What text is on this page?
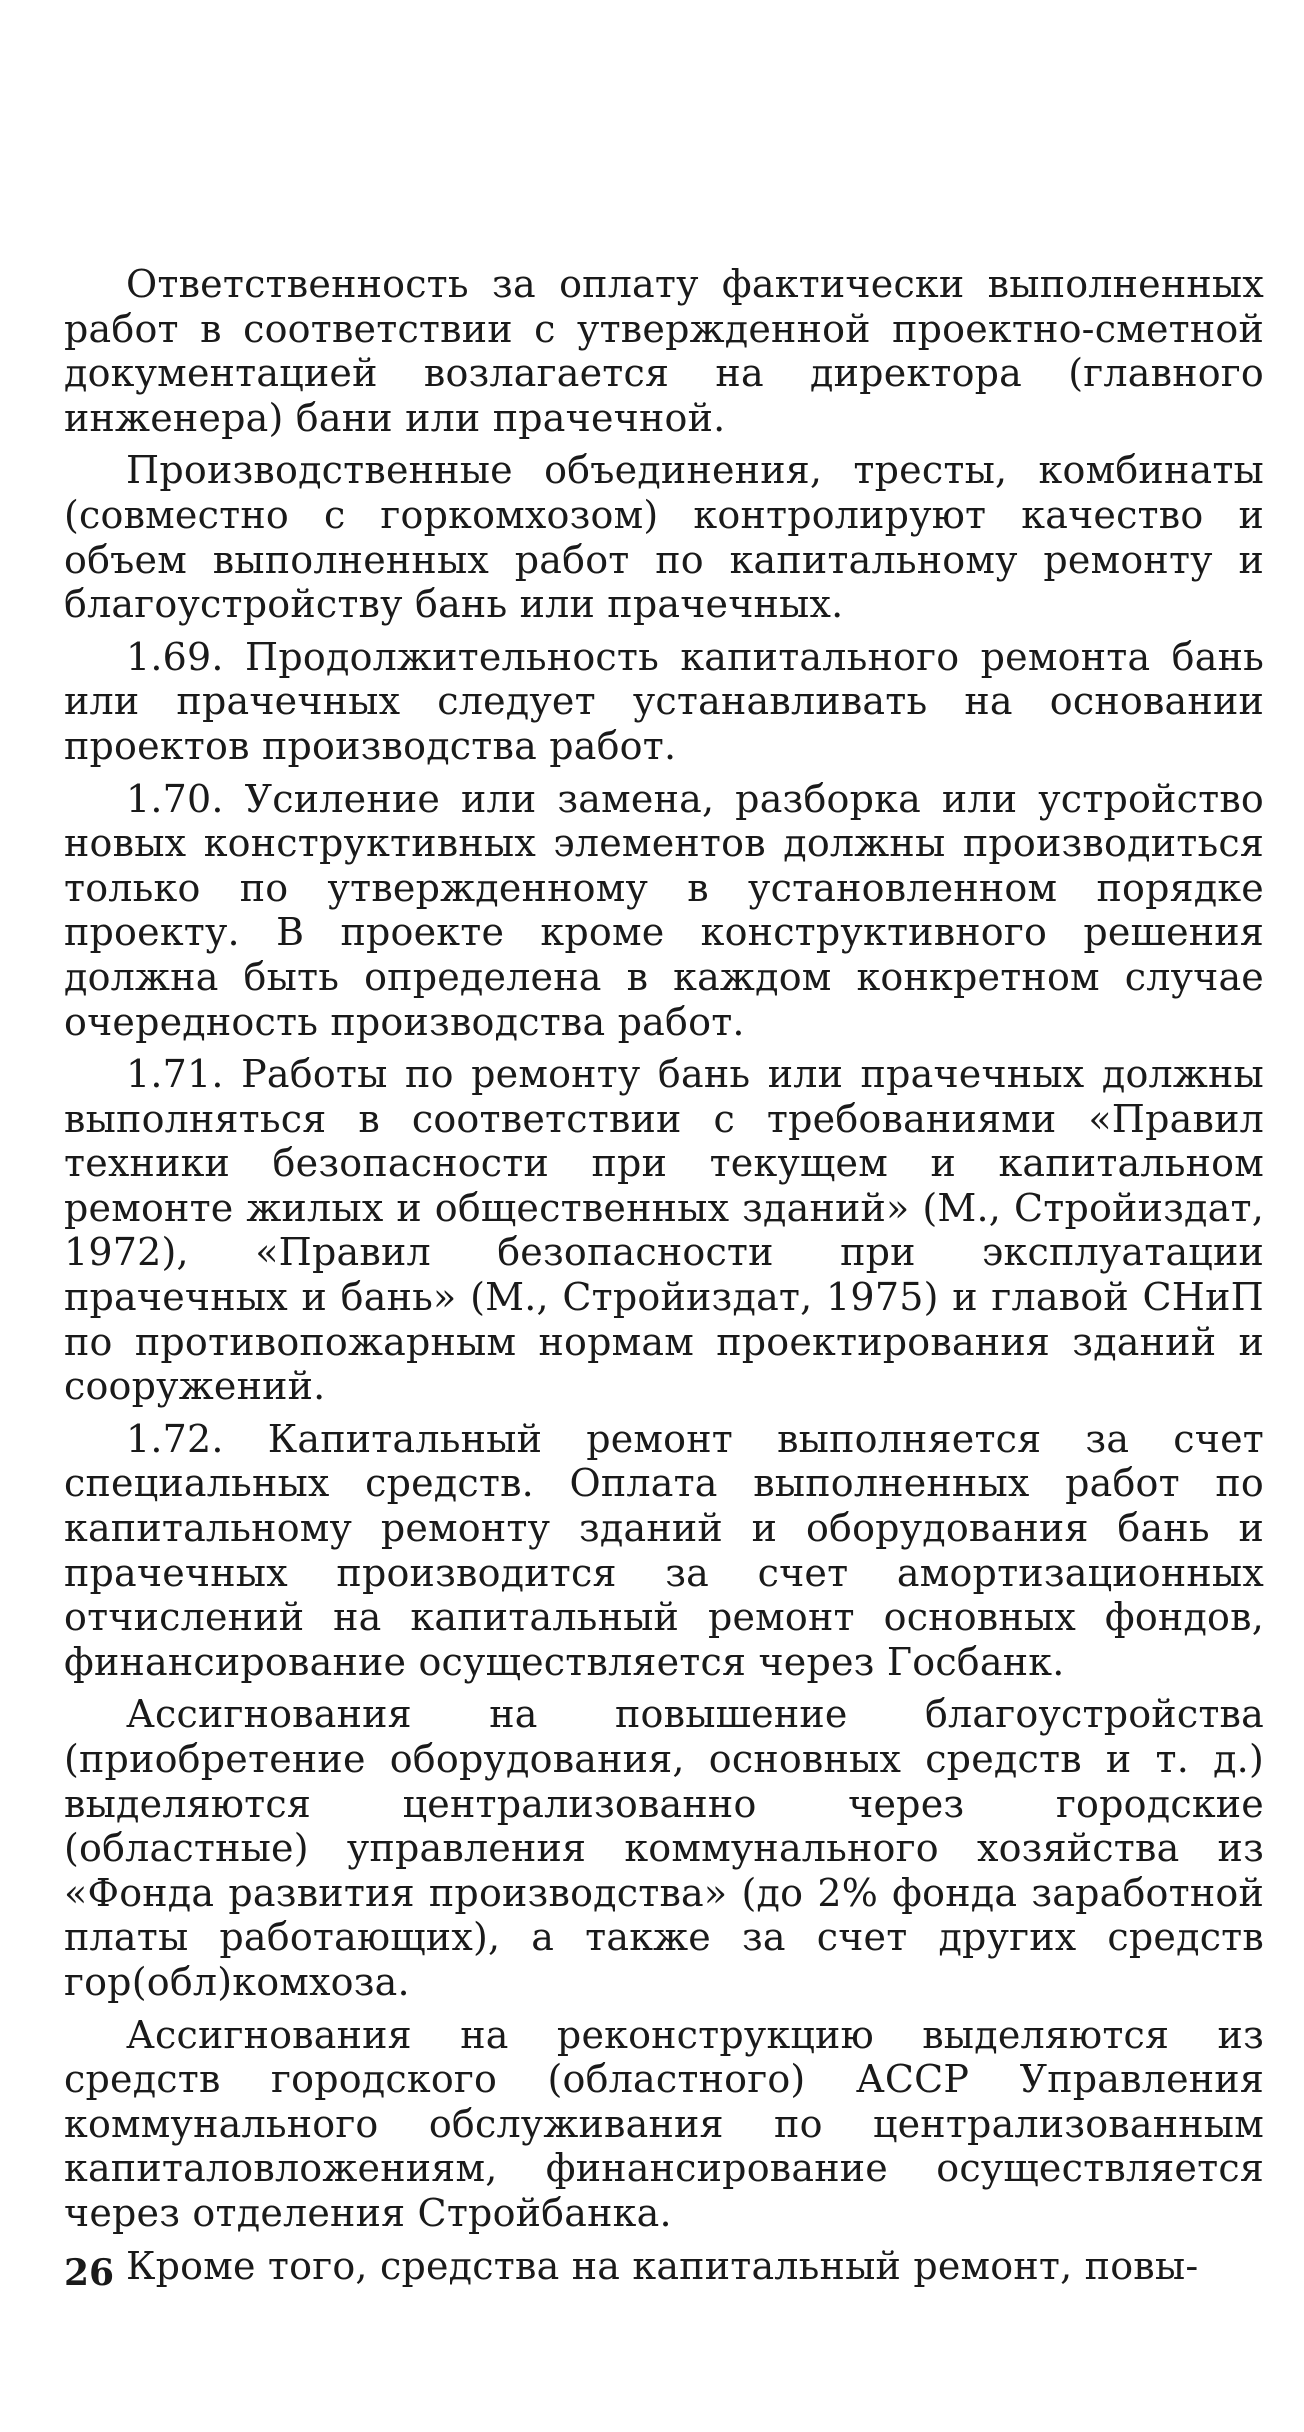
Ответственность за оплату фактически выполненных работ в соответствии с утвержденной проектно-сметной документацией возлагается на директора (главного инженера) бани или прачечной.

Производственные объединения, тресты, комбинаты (совместно с горкомхозом) контролируют качество и объем выполненных работ по капитальному ремонту и благоустройству бань или прачечных.

1.69. Продолжительность капитального ремонта бань или прачечных следует устанавливать на основании проектов производства работ.

1.70. Усиление или замена, разборка или устройство новых конструктивных элементов должны производиться только по утвержденному в установленном порядке проекту. В проекте кроме конструктивного решения должна быть определена в каждом конкретном случае очередность производства работ.

1.71. Работы по ремонту бань или прачечных должны выполняться в соответствии с требованиями «Правил техники безопасности при текущем и капитальном ремонте жилых и общественных зданий» (М., Стройиздат, 1972), «Правил безопасности при эксплуатации прачечных и бань» (М., Стройиздат, 1975) и главой СНиП по противопожарным нормам проектирования зданий и сооружений.

1.72. Капитальный ремонт выполняется за счет специальных средств. Оплата выполненных работ по капитальному ремонту зданий и оборудования бань и прачечных производится за счет амортизационных отчислений на капитальный ремонт основных фондов, финансирование осуществляется через Госбанк.

Ассигнования на повышение благоустройства (приобретение оборудования, основных средств и т. д.) выделяются централизованно через городские (областные) управления коммунального хозяйства из «Фонда развития производства» (до 2% фонда заработной платы работающих), а также за счет других средств гор(обл)комхоза.

Ассигнования на реконструкцию выделяются из средств городского (областного) АССР Управления коммунального обслуживания по централизованным капиталовложениям, финансирование осуществляется через отделения Стройбанка.

Кроме того, средства на капитальный ремонт, повы-

26
